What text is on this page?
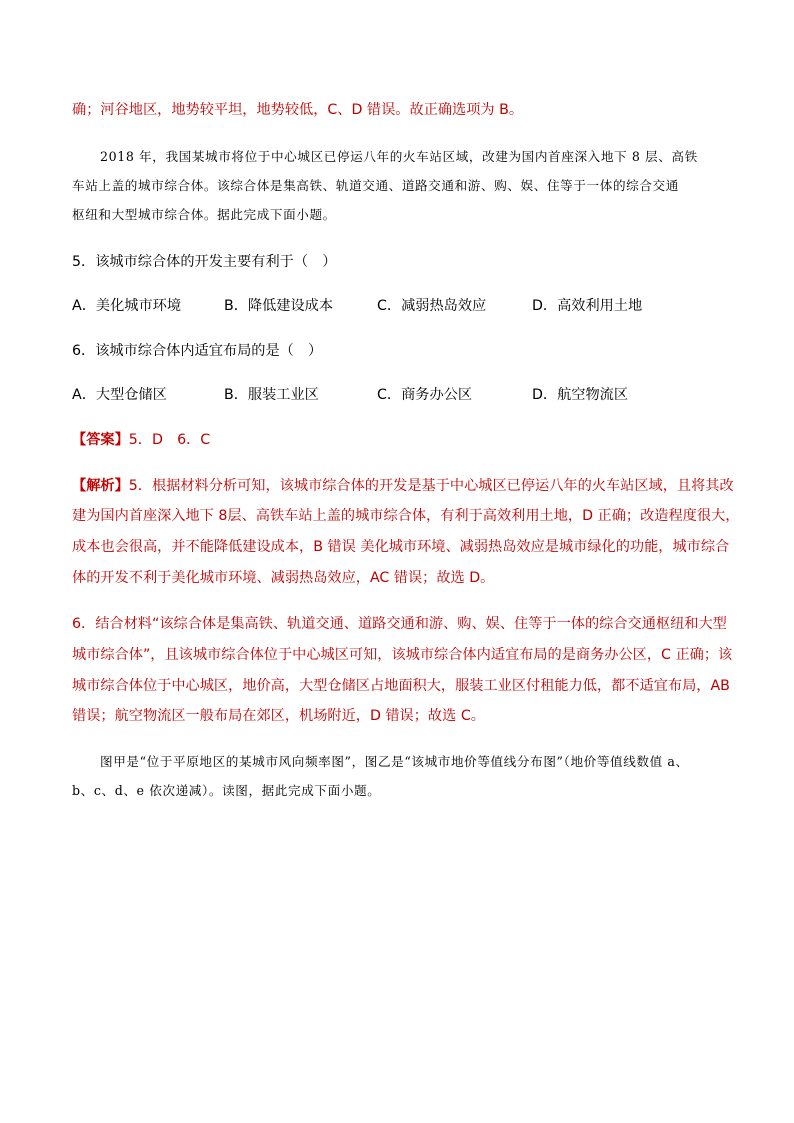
确；河谷地区，地势较平坦，地势较低，C、D 错误。故正确选项为 B。
2018 年，我国某城市将位于中心城区已停运八年的火车站区域，改建为国内首座深入地下 8 层、高铁
车站上盖的城市综合体。该综合体是集高铁、轨道交通、道路交通和游、购、娱、住等于一体的综合交通
枢纽和大型城市综合体。据此完成下面小题。
5．该城市综合体的开发主要有利于（　）
A．美化城市环境	B．降低建设成本	C．减弱热岛效应	D．高效利用土地
6．该城市综合体内适宜布局的是（　）
A．大型仓储区	B．服装工业区	C．商务办公区	D．航空物流区
【答案】5．D　6．C
【解析】5．根据材料分析可知，该城市综合体的开发是基于中心城区已停运八年的火车站区域，且将其改
建为国内首座深入地下 8层、高铁车站上盖的城市综合体，有利于高效利用土地，D 正确；改造程度很大，
成本也会很高，并不能降低建设成本，B 错误 美化城市环境、减弱热岛效应是城市绿化的功能，城市综合
体的开发不利于美化城市环境、减弱热岛效应，AC 错误；故选 D。
6．结合材料“该综合体是集高铁、轨道交通、道路交通和游、购、娱、住等于一体的综合交通枢纽和大型
城市综合体”，且该城市综合体位于中心城区可知，该城市综合体内适宜布局的是商务办公区，C 正确；该
城市综合体位于中心城区，地价高，大型仓储区占地面积大，服装工业区付租能力低，都不适宜布局，AB
错误；航空物流区一般布局在郊区，机场附近，D 错误；故选 C。
图甲是“位于平原地区的某城市风向频率图”，图乙是“该城市地价等值线分布图”（地价等值线数值 a、
b、c、d、e 依次递减）。读图，据此完成下面小题。
